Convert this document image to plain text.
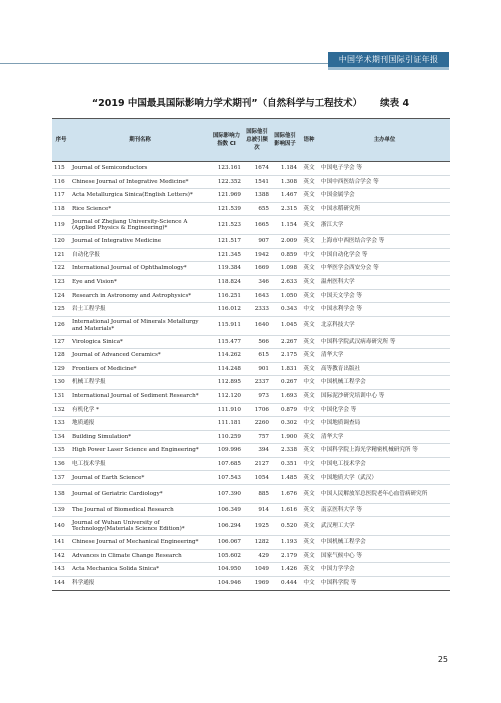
中国学术期刊国际引证年报
“2019 中国最具国际影响力学术期刊”（自然科学与工程技术） 续表 4
序号	期刊名称	国际影响力指数 CI	国际他引总被引频次	国际他引影响因子	语种	主办单位
115	Journal of Semiconductors	123.161	1674	1.184	英文	中国电子学会 等
116	Chinese Journal of Integrative Medicine*	122.352	1541	1.308	英文	中国中西医结合学会 等
117	Acta Metallurgica Sinica(English Letters)*	121.969	1388	1.467	英文	中国金属学会
118	Rice Science*	121.539	655	2.315	英文	中国水稻研究所
119	Journal of Zhejiang University-Science A (Applied Physics & Engineering)*	121.523	1665	1.154	英文	浙江大学
120	Journal of Integrative Medicine	121.517	907	2.009	英文	上海市中西医结合学会 等
121	自动化学报	121.345	1942	0.859	中文	中国自动化学会 等
122	International Journal of Ophthalmology*	119.384	1669	1.098	英文	中华医学会西安分会 等
123	Eye and Vision*	118.824	346	2.633	英文	温州医科大学
124	Research in Astronomy and Astrophysics*	116.251	1643	1.050	英文	中国天文学会 等
125	岩土工程学报	116.012	2333	0.343	中文	中国水利学会 等
126	International Journal of Minerals Metallurgy and Materials*	115.911	1640	1.045	英文	北京科技大学
127	Virologica Sinica*	115.477	566	2.267	英文	中国科学院武汉病毒研究所 等
128	Journal of Advanced Ceramics*	114.262	615	2.175	英文	清华大学
129	Frontiers of Medicine*	114.248	901	1.831	英文	高等教育出版社
130	机械工程学报	112.895	2337	0.267	中文	中国机械工程学会
131	International Journal of Sediment Research*	112.120	973	1.693	英文	国际泥沙研究培训中心 等
132	有机化学 *	111.910	1706	0.879	中文	中国化学会 等
133	地质通报	111.181	2260	0.302	中文	中国地质调查局
134	Building Simulation*	110.259	757	1.900	英文	清华大学
135	High Power Laser Science and Engineering*	109.996	394	2.338	英文	中国科学院上海光学精密机械研究所 等
136	电工技术学报	107.685	2127	0.351	中文	中国电工技术学会
137	Journal of Earth Science*	107.543	1054	1.485	英文	中国地质大学（武汉）
138	Journal of Geriatric Cardiology*	107.390	885	1.676	英文	中国人民解放军总医院老年心血管病研究所
139	The Journal of Biomedical Research	106.349	914	1.616	英文	南京医科大学 等
140	Journal of Wuhan University of Technology(Materials Science Edition)*	106.294	1925	0.520	英文	武汉理工大学
141	Chinese Journal of Mechanical Engineering*	106.067	1282	1.193	英文	中国机械工程学会
142	Advances in Climate Change Research	105.602	429	2.179	英文	国家气候中心 等
143	Acta Mechanica Solida Sinica*	104.950	1049	1.426	英文	中国力学学会
144	科学通报	104.946	1969	0.444	中文	中国科学院 等
25
